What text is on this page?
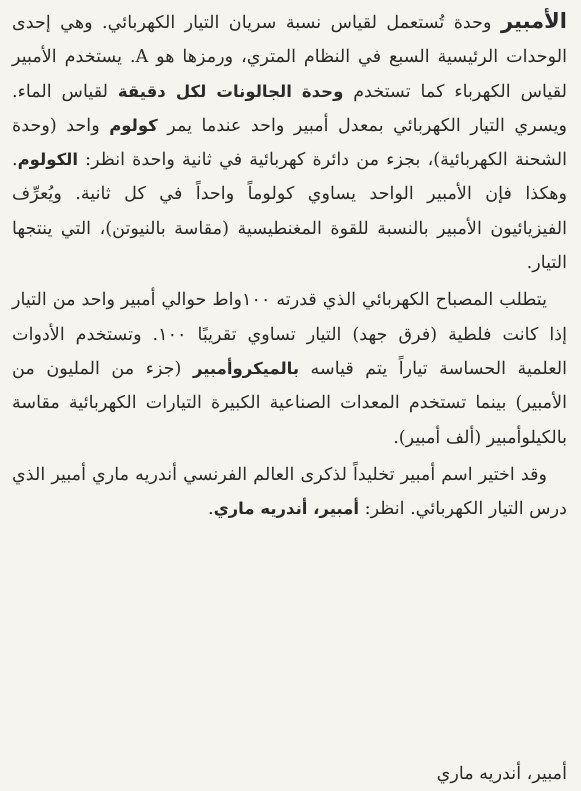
الأمبير وحدة تُستعمل لقياس نسبة سريان التيار الكهربائي. وهي إحدى الوحدات الرئيسية السبع في النظام المتري، ورمزها هو A. يستخدم الأمبير لقياس الكهرباء كما تستخدم وحدة الجالونات لكل دقيقة لقياس الماء. ويسري التيار الكهربائي بمعدل أمبير واحد عندما يمر كولوم واحد (وحدة الشحنة الكهربائية)، بجزء من دائرة كهربائية في ثانية واحدة انظر: الكولوم. وهكذا فإن الأمبير الواحد يساوي كولوماً واحداً في كل ثانية. ويُعرِّف الفيزيائيون الأمبير بالنسبة للقوة المغنطيسية (مقاسة بالنيوتن)، التي ينتجها التيار.

يتطلب المصباح الكهربائي الذي قدرته ١٠٠واط حوالي أمبير واحد من التيار إذا كانت فلطية (فرق جهد) التيار تساوي تقريبًا ١٠٠. وتستخدم الأدوات العلمية الحساسة تياراً يتم قياسه بالميكروأمبير (جزء من المليون من الأمبير) بينما تستخدم المعدات الصناعية الكبيرة التيارات الكهربائية مقاسة بالكيلوأمبير (ألف أمبير).

وقد اختير اسم أمبير تخليداً لذكرى العالم الفرنسي أندريه ماري أمبير الذي درس التيار الكهربائي. انظر: أمبير، أندريه ماري.

أمبير، أندريه ماري
